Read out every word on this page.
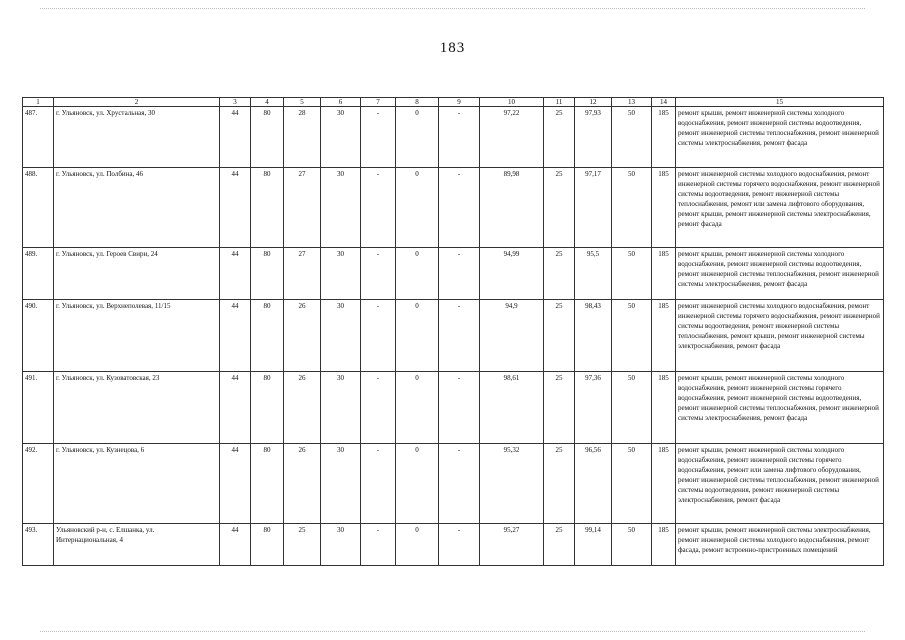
183
1	2	3	4	5	6	7	8	9	10	11	12	13	14	15
487.	г. Ульяновск, ул. Хрустальная, 30	44	80	28	30	-	0	-	97,22	25	97,93	50	185	ремонт крыши, ремонт инженерной системы холодного водоснабжения, ремонт инженерной системы водоотведения, ремонт инженерной системы теплоснабжения, ремонт инженерной системы электроснабжения, ремонт фасада
488.	г. Ульяновск, ул. Полбина, 46	44	80	27	30	-	0	-	89,98	25	97,17	50	185	ремонт инженерной системы холодного водоснабжения, ремонт инженерной системы горячего водоснабжения, ремонт инженерной системы водоотведения, ремонт инженерной системы теплоснабжения, ремонт или замена лифтового оборудования, ремонт крыши, ремонт инженерной системы электроснабжения, ремонт фасада
489.	г. Ульяновск, ул. Героев Свири, 24	44	80	27	30	-	0	-	94,99	25	95,5	50	185	ремонт крыши, ремонт инженерной системы холодного водоснабжения, ремонт инженерной системы водоотведения, ремонт инженерной системы теплоснабжения, ремонт инженерной системы электроснабжения, ремонт фасада
490.	г. Ульяновск, ул. Верхнеполевая, 11/15	44	80	26	30	-	0	-	94,9	25	98,43	50	185	ремонт инженерной системы холодного водоснабжения, ремонт инженерной системы горячего водоснабжения, ремонт инженерной системы водоотведения, ремонт инженерной системы теплоснабжения, ремонт крыши, ремонт инженерной системы электроснабжения, ремонт фасада
491.	г. Ульяновск, ул. Кузоватовская, 23	44	80	26	30	-	0	-	98,61	25	97,36	50	185	ремонт крыши, ремонт инженерной системы холодного водоснабжения, ремонт инженерной системы горячего водоснабжения, ремонт инженерной системы водоотведения, ремонт инженерной системы теплоснабжения, ремонт инженерной системы электроснабжения, ремонт фасада
492.	г. Ульяновск, ул. Кузнецова, 6	44	80	26	30	-	0	-	95,32	25	96,56	50	185	ремонт крыши, ремонт инженерной системы холодного водоснабжения, ремонт инженерной системы горячего водоснабжения, ремонт или замена лифтового оборудования, ремонт инженерной системы теплоснабжения, ремонт инженерной системы водоотведения, ремонт инженерной системы электроснабжения, ремонт фасада
493.	Ульяновский р-н, с. Елшанка, ул. Интернациональная, 4	44	80	25	30	-	0	-	95,27	25	99,14	50	185	ремонт крыши, ремонт инженерной системы электроснабжения, ремонт инженерной системы холодного водоснабжения, ремонт фасада, ремонт встроенно-пристроенных помещений
